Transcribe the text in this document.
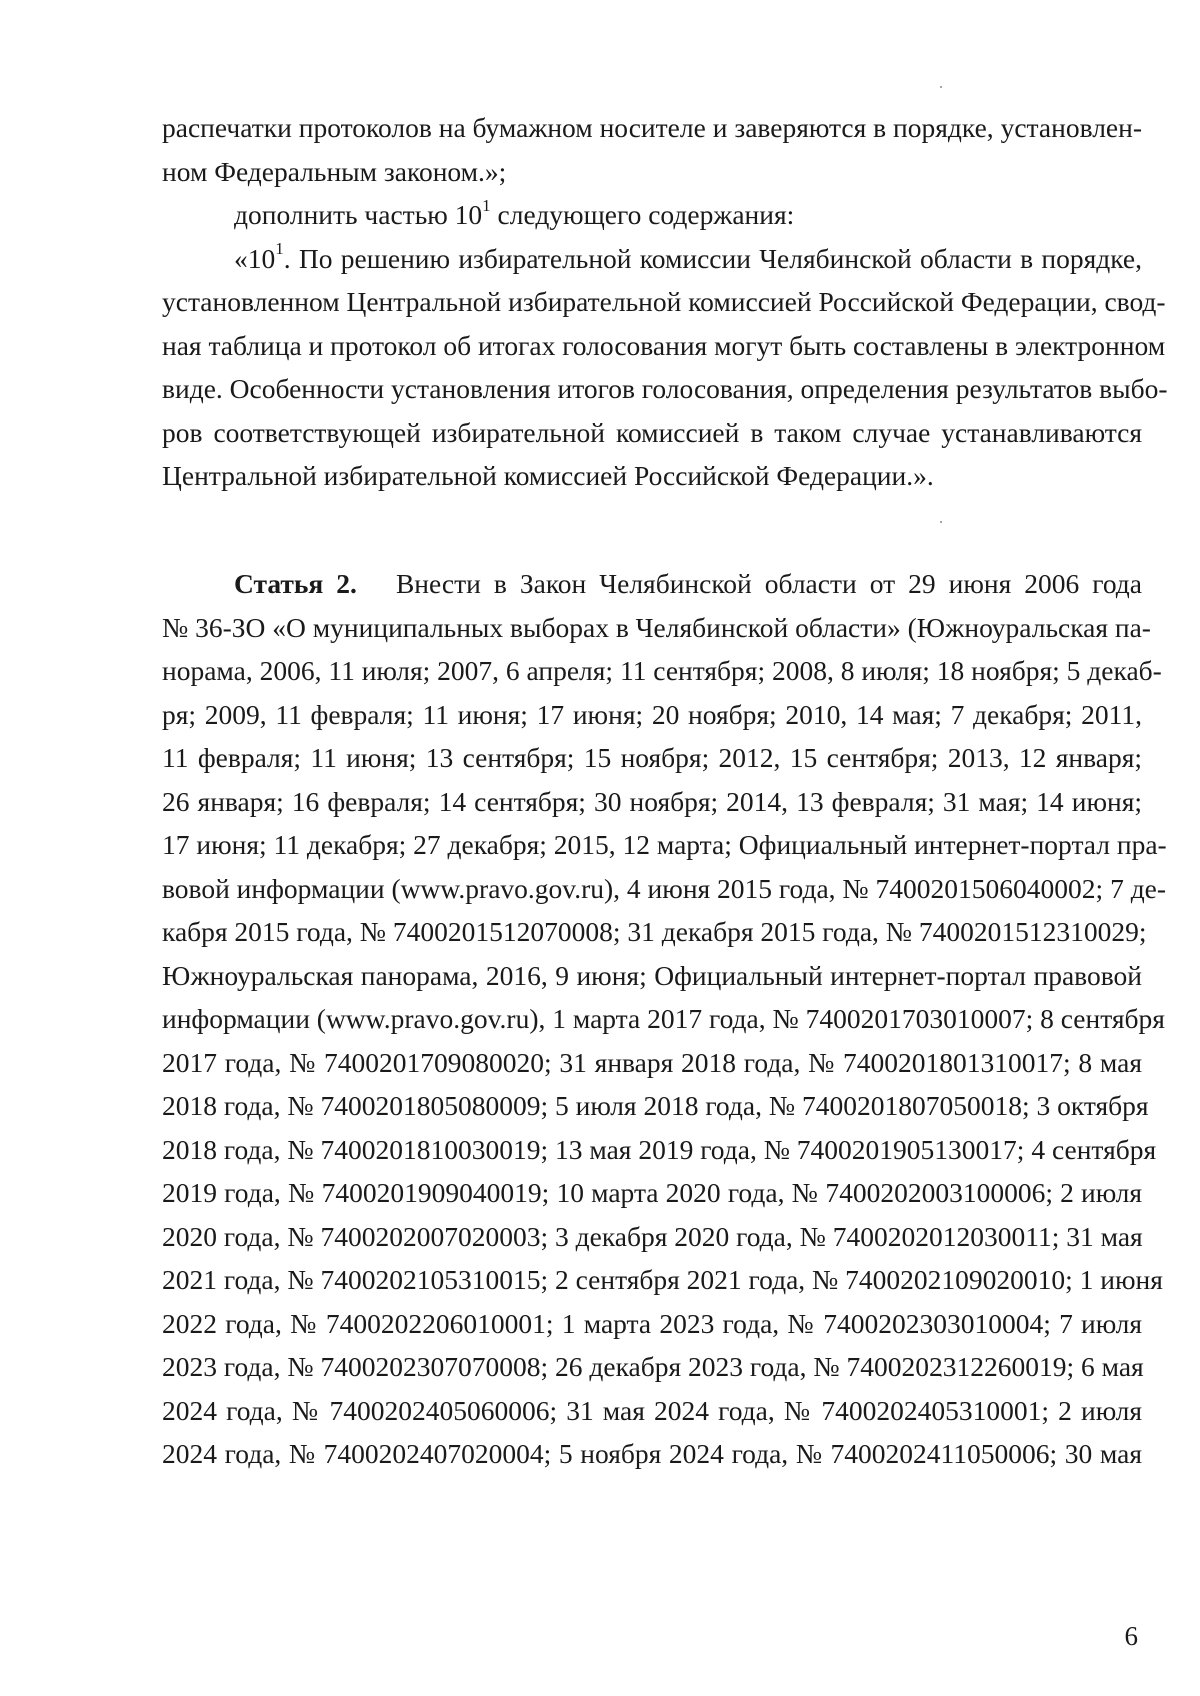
распечатки протоколов на бумажном носителе и заверяются в порядке, установлен-
ном Федеральным законом.»;
дополнить частью $10^1$ следующего содержания:
«$10^1$. По решению избирательной комиссии Челябинской области в порядке,
установленном Центральной избирательной комиссией Российской Федерации, свод-
ная таблица и протокол об итогах голосования могут быть составлены в электронном
виде. Особенности установления итогов голосования, определения результатов выбо-
ров соответствующей избирательной комиссией в таком случае устанавливаются
Центральной избирательной комиссией Российской Федерации.».
Статья 2. Внести в Закон Челябинской области от 29 июня 2006 года
№ 36-ЗО «О муниципальных выборах в Челябинской области» (Южноуральская па-
норама, 2006, 11 июля; 2007, 6 апреля; 11 сентября; 2008, 8 июля; 18 ноября; 5 декаб-
ря; 2009, 11 февраля; 11 июня; 17 июня; 20 ноября; 2010, 14 мая; 7 декабря; 2011,
11 февраля; 11 июня; 13 сентября; 15 ноября; 2012, 15 сентября; 2013, 12 января;
26 января; 16 февраля; 14 сентября; 30 ноября; 2014, 13 февраля; 31 мая; 14 июня;
17 июня; 11 декабря; 27 декабря; 2015, 12 марта; Официальный интернет-портал пра-
вовой информации (www.pravo.gov.ru), 4 июня 2015 года, № 7400201506040002; 7 де-
кабря 2015 года, № 7400201512070008; 31 декабря 2015 года, № 7400201512310029;
Южноуральская панорама, 2016, 9 июня; Официальный интернет-портал правовой
информации (www.pravo.gov.ru), 1 марта 2017 года, № 7400201703010007; 8 сентября
2017 года, № 7400201709080020; 31 января 2018 года, № 7400201801310017; 8 мая
2018 года, № 7400201805080009; 5 июля 2018 года, № 7400201807050018; 3 октября
2018 года, № 7400201810030019; 13 мая 2019 года, № 7400201905130017; 4 сентября
2019 года, № 7400201909040019; 10 марта 2020 года, № 7400202003100006; 2 июля
2020 года, № 7400202007020003; 3 декабря 2020 года, № 7400202012030011; 31 мая
2021 года, № 7400202105310015; 2 сентября 2021 года, № 7400202109020010; 1 июня
2022 года, № 7400202206010001; 1 марта 2023 года, № 7400202303010004; 7 июля
2023 года, № 7400202307070008; 26 декабря 2023 года, № 7400202312260019; 6 мая
2024 года, № 7400202405060006; 31 мая 2024 года, № 7400202405310001; 2 июля
2024 года, № 7400202407020004; 5 ноября 2024 года, № 7400202411050006; 30 мая
6
